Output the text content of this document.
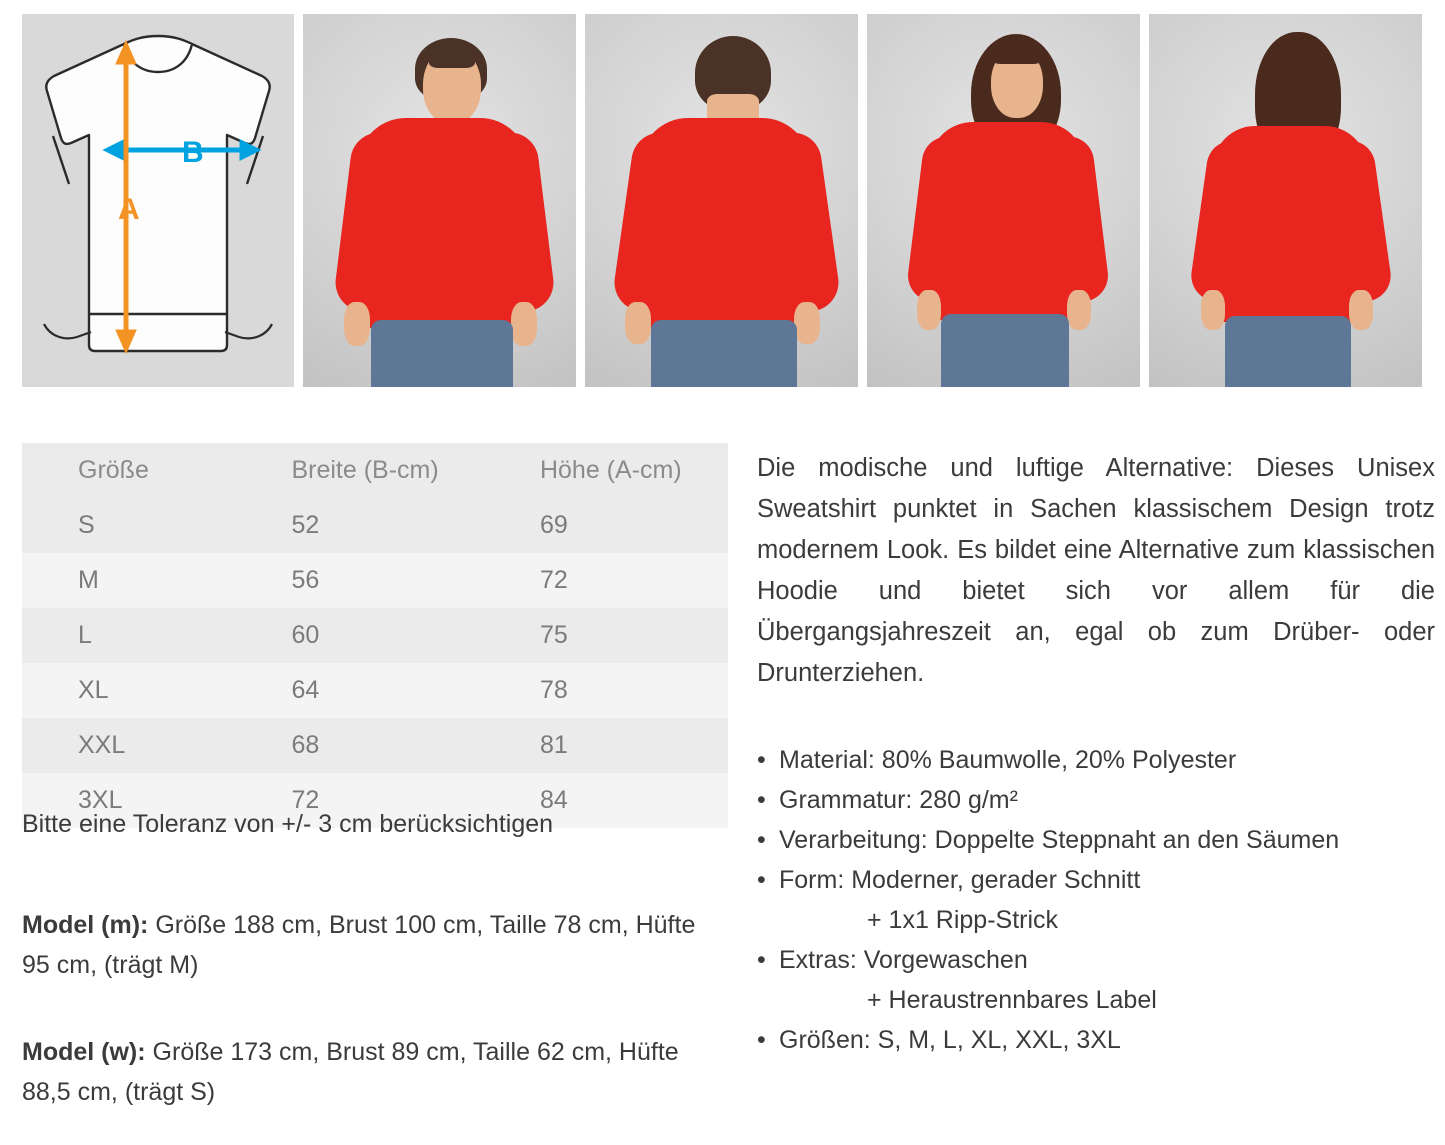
B
A
Größe	Breite (B-cm)	Höhe (A-cm)
S	52	69
M	56	72
L	60	75
XL	64	78
XXL	68	81
3XL	72	84
Bitte eine Toleranz von +/- 3 cm berücksichtigen
Model (m): Größe 188 cm, Brust 100 cm, Taille 78 cm, Hüfte 95 cm, (trägt M)
Model (w): Größe 173 cm, Brust 89 cm, Taille 62 cm, Hüfte 88,5 cm, (trägt S)
Die modische und luftige Alternative: Dieses Unisex Sweatshirt punktet in Sachen klassischem Design trotz modernem Look. Es bildet eine Alternative zum klassischen Hoodie und bietet sich vor allem für die Übergangsjahreszeit an, egal ob zum Drüber- oder Drunterziehen.
• Material: 80% Baumwolle, 20% Polyester
• Grammatur: 280 g/m²
• Verarbeitung: Doppelte Steppnaht an den Säumen
• Form: Moderner, gerader Schnitt
+ 1x1 Ripp-Strick
• Extras: Vorgewaschen
+ Heraustrennbares Label
• Größen: S, M, L, XL, XXL, 3XL
